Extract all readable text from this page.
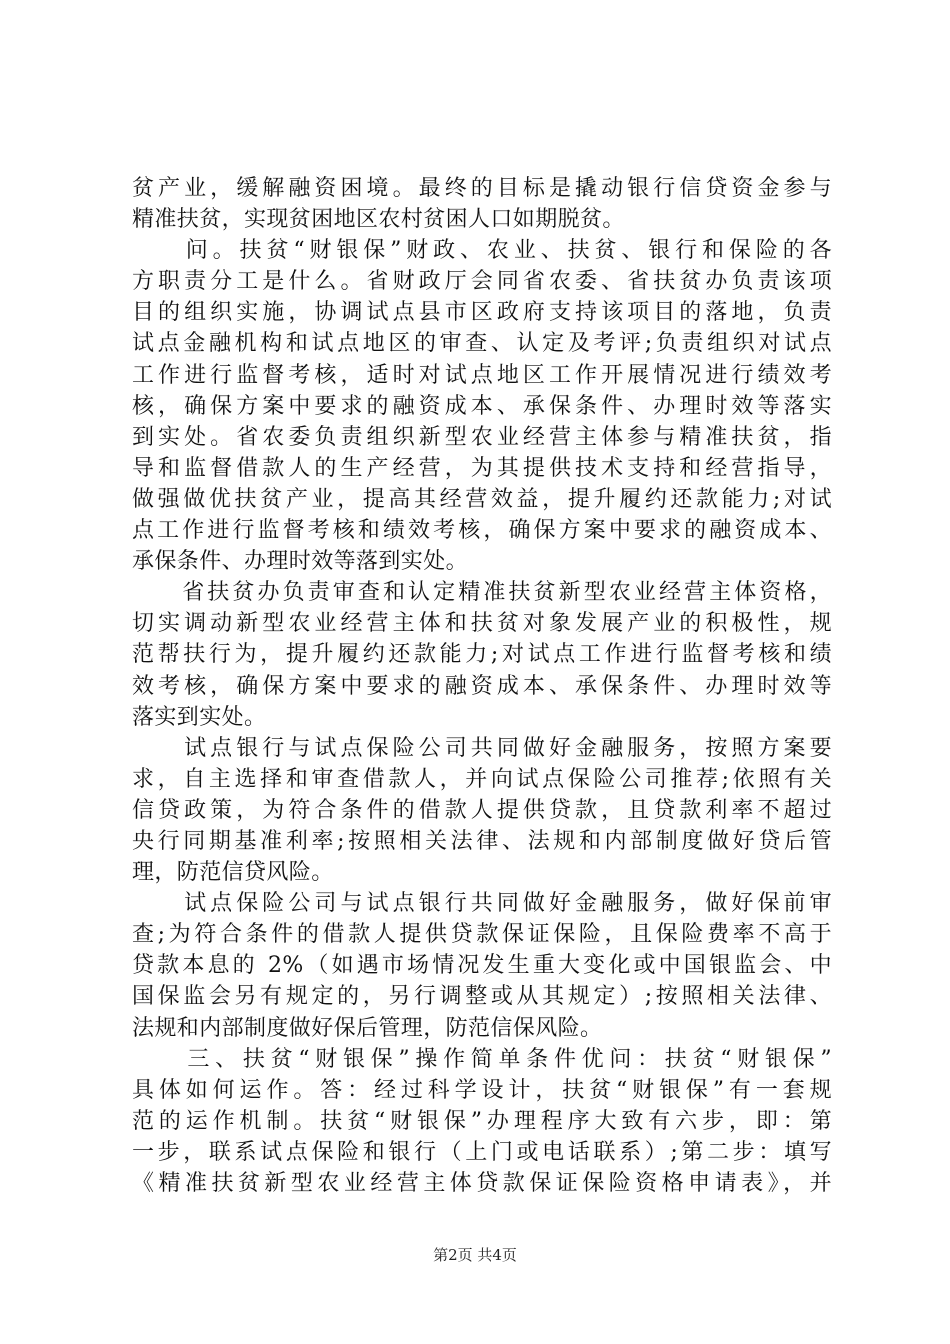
贫产业，缓解融资困境。最终的目标是撬动银行信贷资金参与
精准扶贫，实现贫困地区农村贫困人口如期脱贫。
　　问。扶贫“财银保”财政、农业、扶贫、银行和保险的各
方职责分工是什么。省财政厅会同省农委、省扶贫办负责该项
目的组织实施，协调试点县市区政府支持该项目的落地，负责
试点金融机构和试点地区的审查、认定及考评;负责组织对试点
工作进行监督考核，适时对试点地区工作开展情况进行绩效考
核，确保方案中要求的融资成本、承保条件、办理时效等落实
到实处。省农委负责组织新型农业经营主体参与精准扶贫，指
导和监督借款人的生产经营，为其提供技术支持和经营指导，
做强做优扶贫产业，提高其经营效益，提升履约还款能力;对试
点工作进行监督考核和绩效考核，确保方案中要求的融资成本、
承保条件、办理时效等落到实处。
　　省扶贫办负责审查和认定精准扶贫新型农业经营主体资格，
切实调动新型农业经营主体和扶贫对象发展产业的积极性，规
范帮扶行为，提升履约还款能力;对试点工作进行监督考核和绩
效考核，确保方案中要求的融资成本、承保条件、办理时效等
落实到实处。
　　试点银行与试点保险公司共同做好金融服务，按照方案要
求，自主选择和审查借款人，并向试点保险公司推荐;依照有关
信贷政策，为符合条件的借款人提供贷款，且贷款利率不超过
央行同期基准利率;按照相关法律、法规和内部制度做好贷后管
理，防范信贷风险。
　　试点保险公司与试点银行共同做好金融服务，做好保前审
查;为符合条件的借款人提供贷款保证保险，且保险费率不高于
贷款本息的 2%（如遇市场情况发生重大变化或中国银监会、中
国保监会另有规定的，另行调整或从其规定）;按照相关法律、
法规和内部制度做好保后管理，防范信保风险。
　　三、扶贫“财银保”操作简单条件优问：扶贫“财银保”
具体如何运作。答：经过科学设计，扶贫“财银保”有一套规
范的运作机制。扶贫“财银保”办理程序大致有六步，即：第
一步，联系试点保险和银行（上门或电话联系）;第二步：填写
《精准扶贫新型农业经营主体贷款保证保险资格申请表》，并
第2页 共4页
